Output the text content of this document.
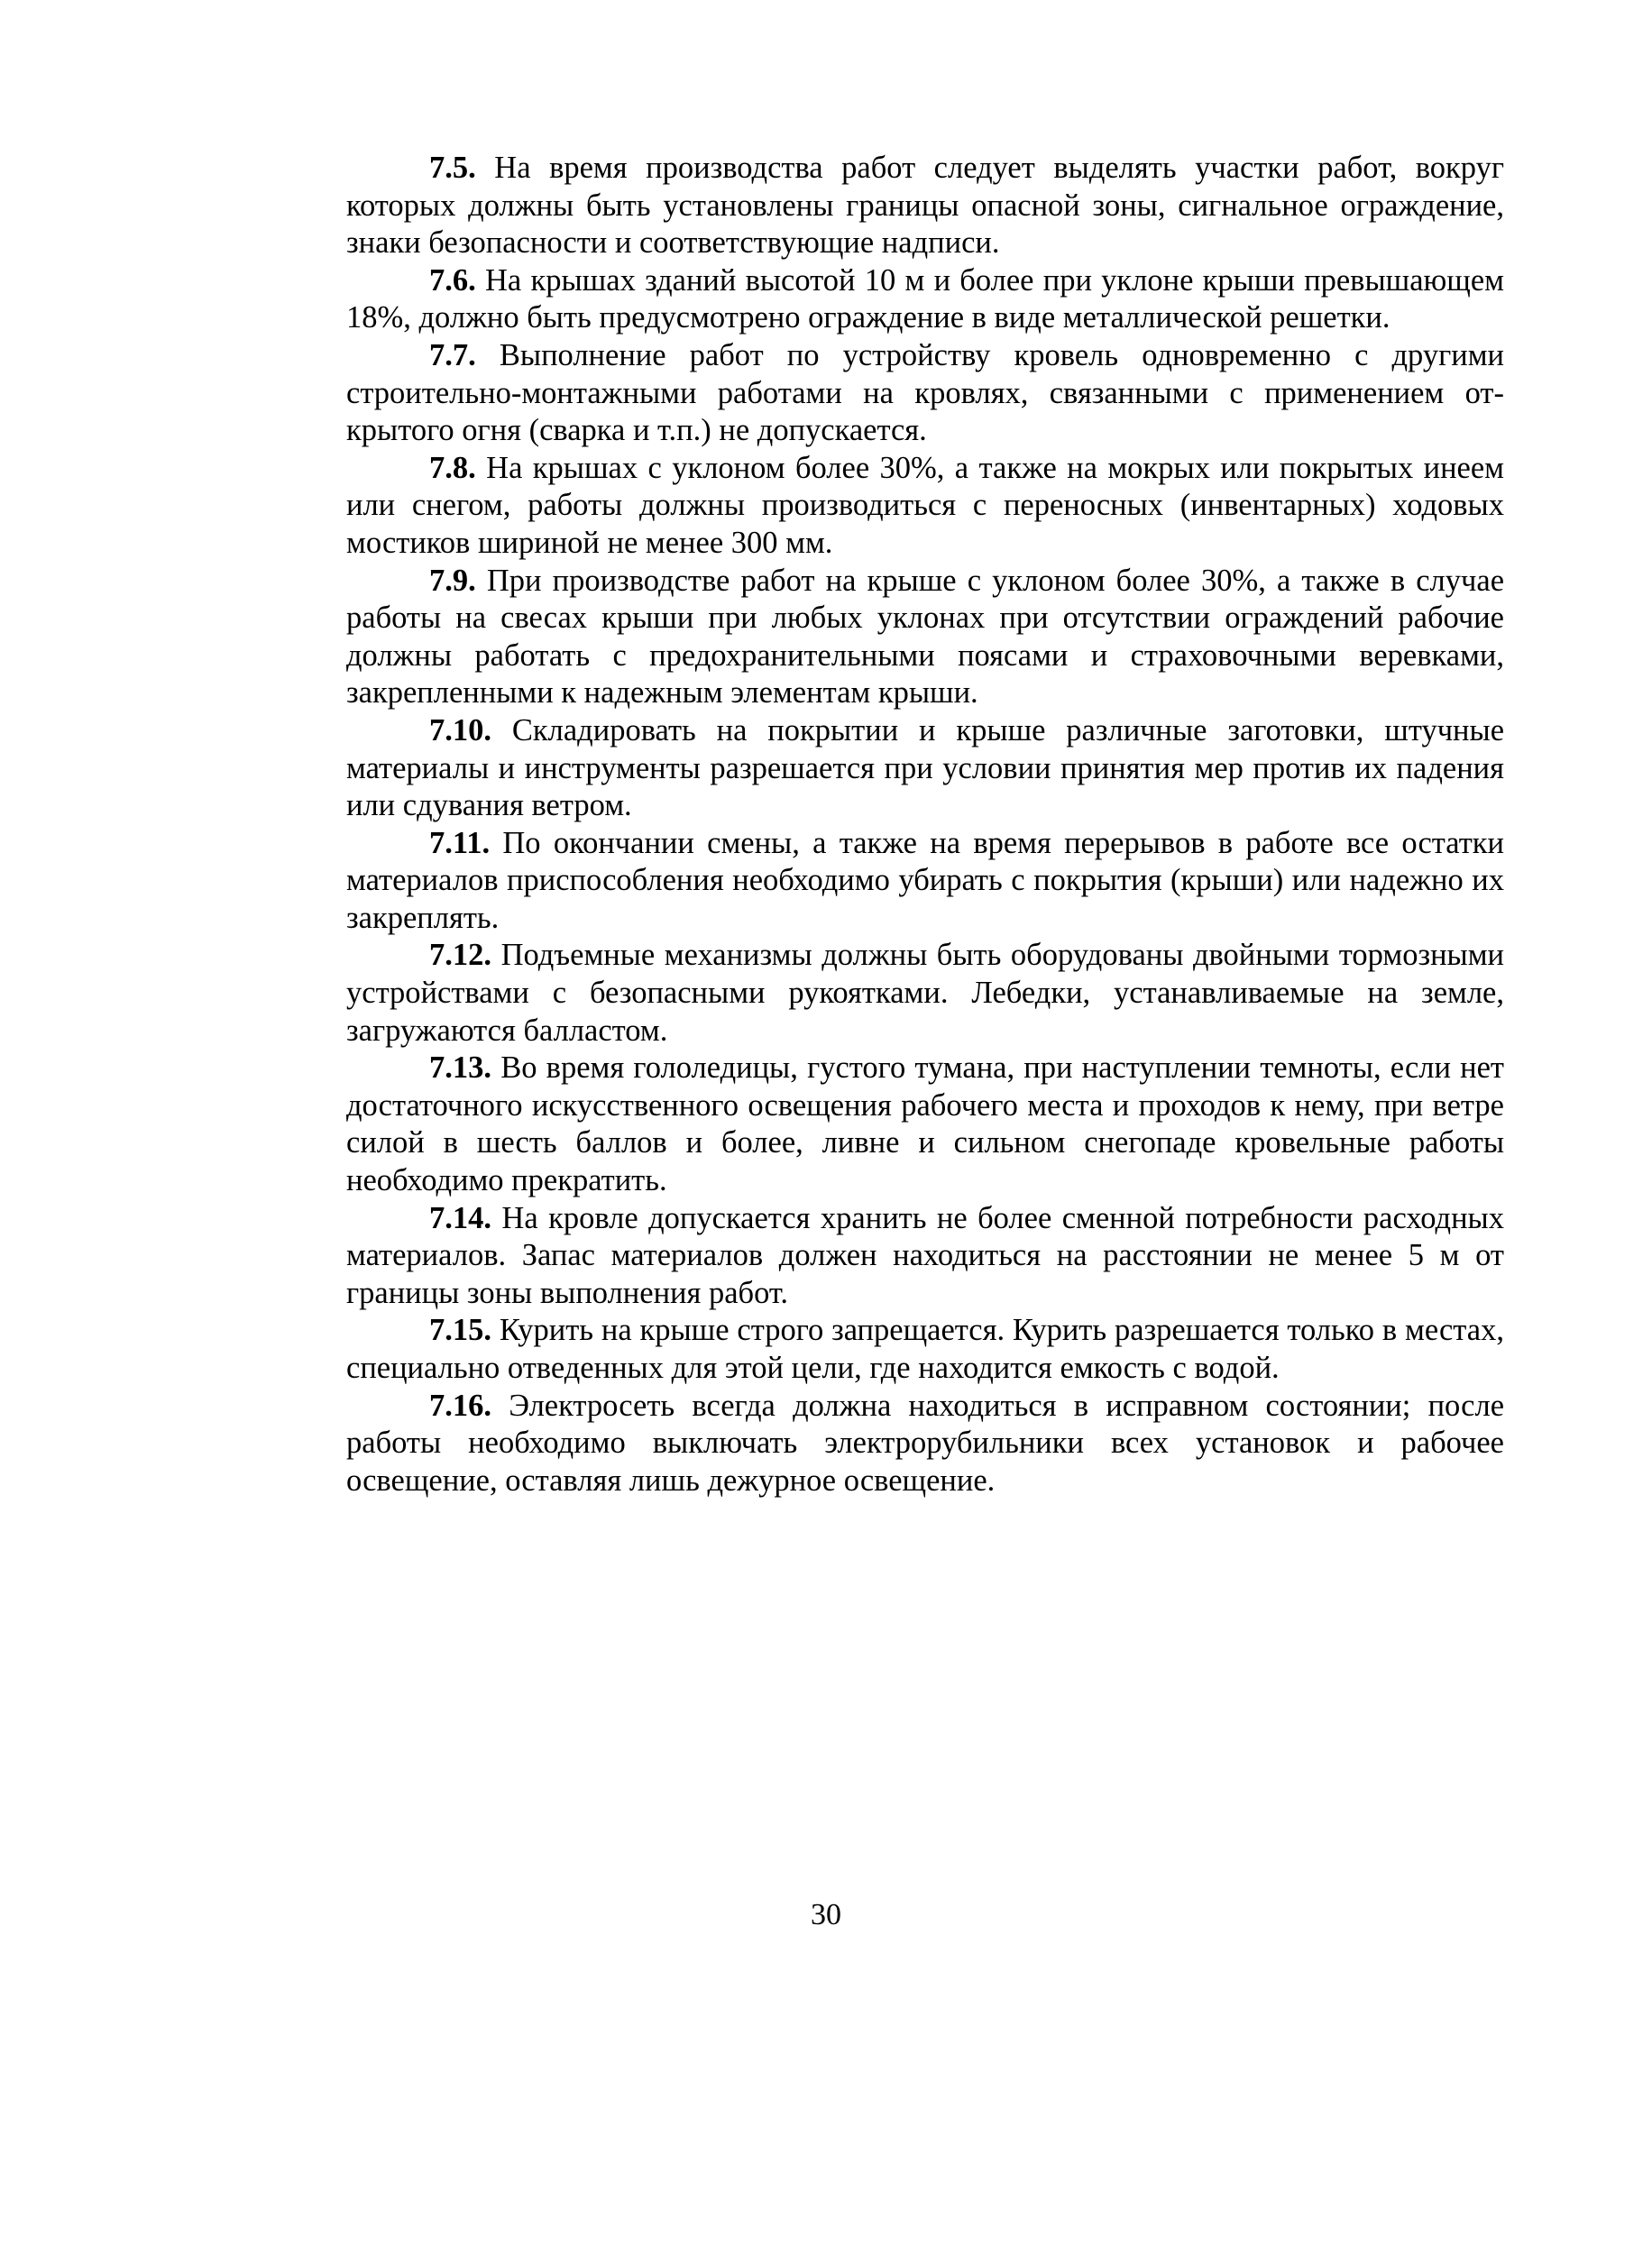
7.5. На время производства работ следует выделять участки работ, вокруг которых должны быть установлены границы опасной зоны, сигнальное ограждение, знаки безопасности и соответствующие надписи.

7.6. На крышах зданий высотой 10 м и более при уклоне крыши превышающем 18%, должно быть предусмотрено ограждение в виде металлической решетки.

7.7. Выполнение работ по устройству кровель одновременно с другими строительно-монтажными работами на кровлях, связанными с применением открытого огня (сварка и т.п.) не допускается.

7.8. На крышах с уклоном более 30%, а также на мокрых или покрытых инеем или снегом, работы должны производиться с переносных (инвентарных) ходовых мостиков шириной не менее 300 мм.

7.9. При производстве работ на крыше с уклоном более 30%, а также в случае работы на свесах крыши при любых уклонах при отсутствии ограждений рабочие должны работать с предохранительными поясами и страховочными веревками, закрепленными к надежным элементам крыши.

7.10. Складировать на покрытии и крыше различные заготовки, штучные материалы и инструменты разрешается при условии принятия мер против их падения или сдувания ветром.

7.11. По окончании смены, а также на время перерывов в работе все остатки материалов приспособления необходимо убирать с покрытия (крыши) или надежно их закреплять.

7.12. Подъемные механизмы должны быть оборудованы двойными тормозными устройствами с безопасными рукоятками. Лебедки, устанавливаемые на земле, загружаются балластом.

7.13. Во время гололедицы, густого тумана, при наступлении темноты, если нет достаточного искусственного освещения рабочего места и проходов к нему, при ветре силой в шесть баллов и более, ливне и сильном снегопаде кровельные работы необходимо прекратить.

7.14. На кровле допускается хранить не более сменной потребности расходных материалов. Запас материалов должен находиться на расстоянии не менее 5 м от границы зоны выполнения работ.

7.15. Курить на крыше строго запрещается. Курить разрешается только в местах, специально отведенных для этой цели, где находится емкость с водой.

7.16. Электросеть всегда должна находиться в исправном состоянии; после работы необходимо выключать электрорубильники всех установок и рабочее освещение, оставляя лишь дежурное освещение.

30
